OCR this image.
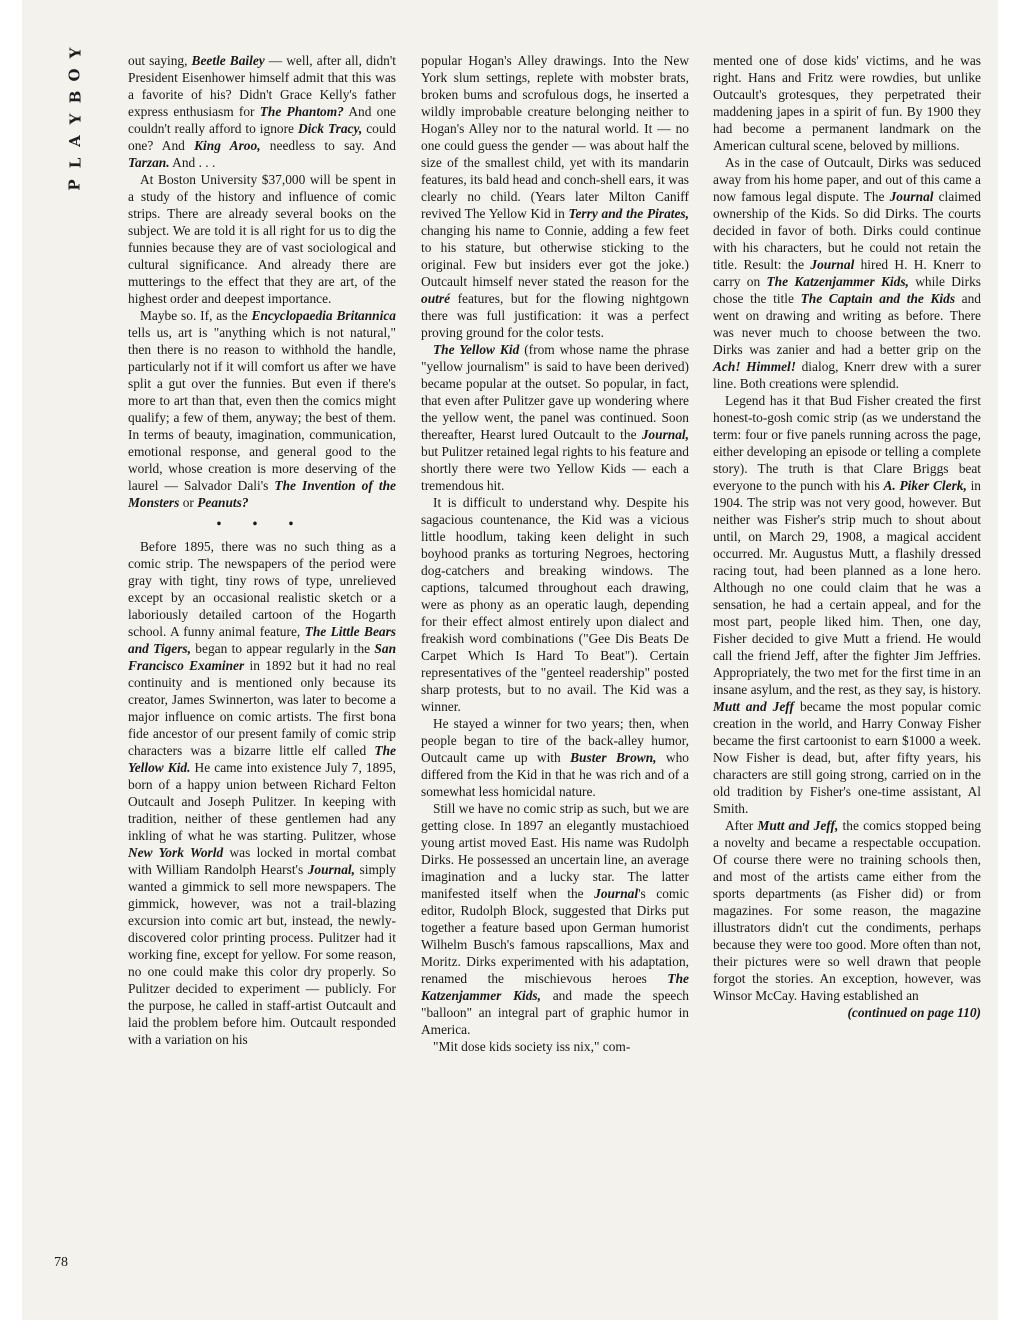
Y
O
B
Y
A
L
P

out saying, Beetle Bailey — well, after all, didn't President Eisenhower himself admit that this was a favorite of his? Didn't Grace Kelly's father express enthusiasm for The Phantom? And one couldn't really afford to ignore Dick Tracy, could one? And King Aroo, needless to say. And Tarzan. And . . .

At Boston University $37,000 will be spent in a study of the history and influence of comic strips. There are already several books on the subject. We are told it is all right for us to dig the funnies because they are of vast sociological and cultural significance. And already there are mutterings to the effect that they are art, of the highest order and deepest importance.

Maybe so. If, as the Encyclopaedia Britannica tells us, art is "anything which is not natural," then there is no reason to withhold the handle, particularly not if it will comfort us after we have split a gut over the funnies. But even if there's more to art than that, even then the comics might qualify; a few of them, anyway; the best of them. In terms of beauty, imagination, communication, emotional response, and general good to the world, whose creation is more deserving of the laurel — Salvador Dali's The Invention of the Monsters or Peanuts?

• • •

Before 1895, there was no such thing as a comic strip. The newspapers of the period were gray with tight, tiny rows of type, unrelieved except by an occasional realistic sketch or a laboriously detailed cartoon of the Hogarth school. A funny animal feature, The Little Bears and Tigers, began to appear regularly in the San Francisco Examiner in 1892 but it had no real continuity and is mentioned only because its creator, James Swinnerton, was later to become a major influence on comic artists. The first bona fide ancestor of our present family of comic strip characters was a bizarre little elf called The Yellow Kid. He came into existence July 7, 1895, born of a happy union between Richard Felton Outcault and Joseph Pulitzer. In keeping with tradition, neither of these gentlemen had any inkling of what he was starting. Pulitzer, whose New York World was locked in mortal combat with William Randolph Hearst's Journal, simply wanted a gimmick to sell more newspapers. The gimmick, however, was not a trail-blazing excursion into comic art but, instead, the newly-discovered color printing process. Pulitzer had it working fine, except for yellow. For some reason, no one could make this color dry properly. So Pulitzer decided to experiment — publicly. For the purpose, he called in staff-artist Outcault and laid the problem before him. Outcault responded with a variation on his

popular Hogan's Alley drawings. Into the New York slum settings, replete with mobster brats, broken bums and scrofulous dogs, he inserted a wildly improbable creature belonging neither to Hogan's Alley nor to the natural world. It — no one could guess the gender — was about half the size of the smallest child, yet with its mandarin features, its bald head and conch-shell ears, it was clearly no child. (Years later Milton Caniff revived The Yellow Kid in Terry and the Pirates, changing his name to Connie, adding a few feet to his stature, but otherwise sticking to the original. Few but insiders ever got the joke.) Outcault himself never stated the reason for the outré features, but for the flowing nightgown there was full justification: it was a perfect proving ground for the color tests.

The Yellow Kid (from whose name the phrase "yellow journalism" is said to have been derived) became popular at the outset. So popular, in fact, that even after Pulitzer gave up wondering where the yellow went, the panel was continued. Soon thereafter, Hearst lured Outcault to the Journal, but Pulitzer retained legal rights to his feature and shortly there were two Yellow Kids — each a tremendous hit.

It is difficult to understand why. Despite his sagacious countenance, the Kid was a vicious little hoodlum, taking keen delight in such boyhood pranks as torturing Negroes, hectoring dog-catchers and breaking windows. The captions, talcumed throughout each drawing, were as phony as an operatic laugh, depending for their effect almost entirely upon dialect and freakish word combinations ("Gee Dis Beats De Carpet Which Is Hard To Beat"). Certain representatives of the "genteel readership" posted sharp protests, but to no avail. The Kid was a winner.

He stayed a winner for two years; then, when people began to tire of the back-alley humor, Outcault came up with Buster Brown, who differed from the Kid in that he was rich and of a somewhat less homicidal nature.

Still we have no comic strip as such, but we are getting close. In 1897 an elegantly mustachioed young artist moved East. His name was Rudolph Dirks. He possessed an uncertain line, an average imagination and a lucky star. The latter manifested itself when the Journal's comic editor, Rudolph Block, suggested that Dirks put together a feature based upon German humorist Wilhelm Busch's famous rapscallions, Max and Moritz. Dirks experimented with his adaptation, renamed the mischievous heroes The Katzenjammer Kids, and made the speech "balloon" an integral part of graphic humor in America.

"Mit dose kids society iss nix," com-

mented one of dose kids' victims, and he was right. Hans and Fritz were rowdies, but unlike Outcault's grotesques, they perpetrated their maddening japes in a spirit of fun. By 1900 they had become a permanent landmark on the American cultural scene, beloved by millions.

As in the case of Outcault, Dirks was seduced away from his home paper, and out of this came a now famous legal dispute. The Journal claimed ownership of the Kids. So did Dirks. The courts decided in favor of both. Dirks could continue with his characters, but he could not retain the title. Result: the Journal hired H. H. Knerr to carry on The Katzenjammer Kids, while Dirks chose the title The Captain and the Kids and went on drawing and writing as before. There was never much to choose between the two. Dirks was zanier and had a better grip on the Ach! Himmel! dialog, Knerr drew with a surer line. Both creations were splendid.

Legend has it that Bud Fisher created the first honest-to-gosh comic strip (as we understand the term: four or five panels running across the page, either developing an episode or telling a complete story). The truth is that Clare Briggs beat everyone to the punch with his A. Piker Clerk, in 1904. The strip was not very good, however. But neither was Fisher's strip much to shout about until, on March 29, 1908, a magical accident occurred. Mr. Augustus Mutt, a flashily dressed racing tout, had been planned as a lone hero. Although no one could claim that he was a sensation, he had a certain appeal, and for the most part, people liked him. Then, one day, Fisher decided to give Mutt a friend. He would call the friend Jeff, after the fighter Jim Jeffries. Appropriately, the two met for the first time in an insane asylum, and the rest, as they say, is history. Mutt and Jeff became the most popular comic creation in the world, and Harry Conway Fisher became the first cartoonist to earn $1000 a week. Now Fisher is dead, but, after fifty years, his characters are still going strong, carried on in the old tradition by Fisher's one-time assistant, Al Smith.

After Mutt and Jeff, the comics stopped being a novelty and became a respectable occupation. Of course there were no training schools then, and most of the artists came either from the sports departments (as Fisher did) or from magazines. For some reason, the magazine illustrators didn't cut the condiments, perhaps because they were too good. More often than not, their pictures were so well drawn that people forgot the stories. An exception, however, was Winsor McCay. Having established an

(continued on page 110)

78
